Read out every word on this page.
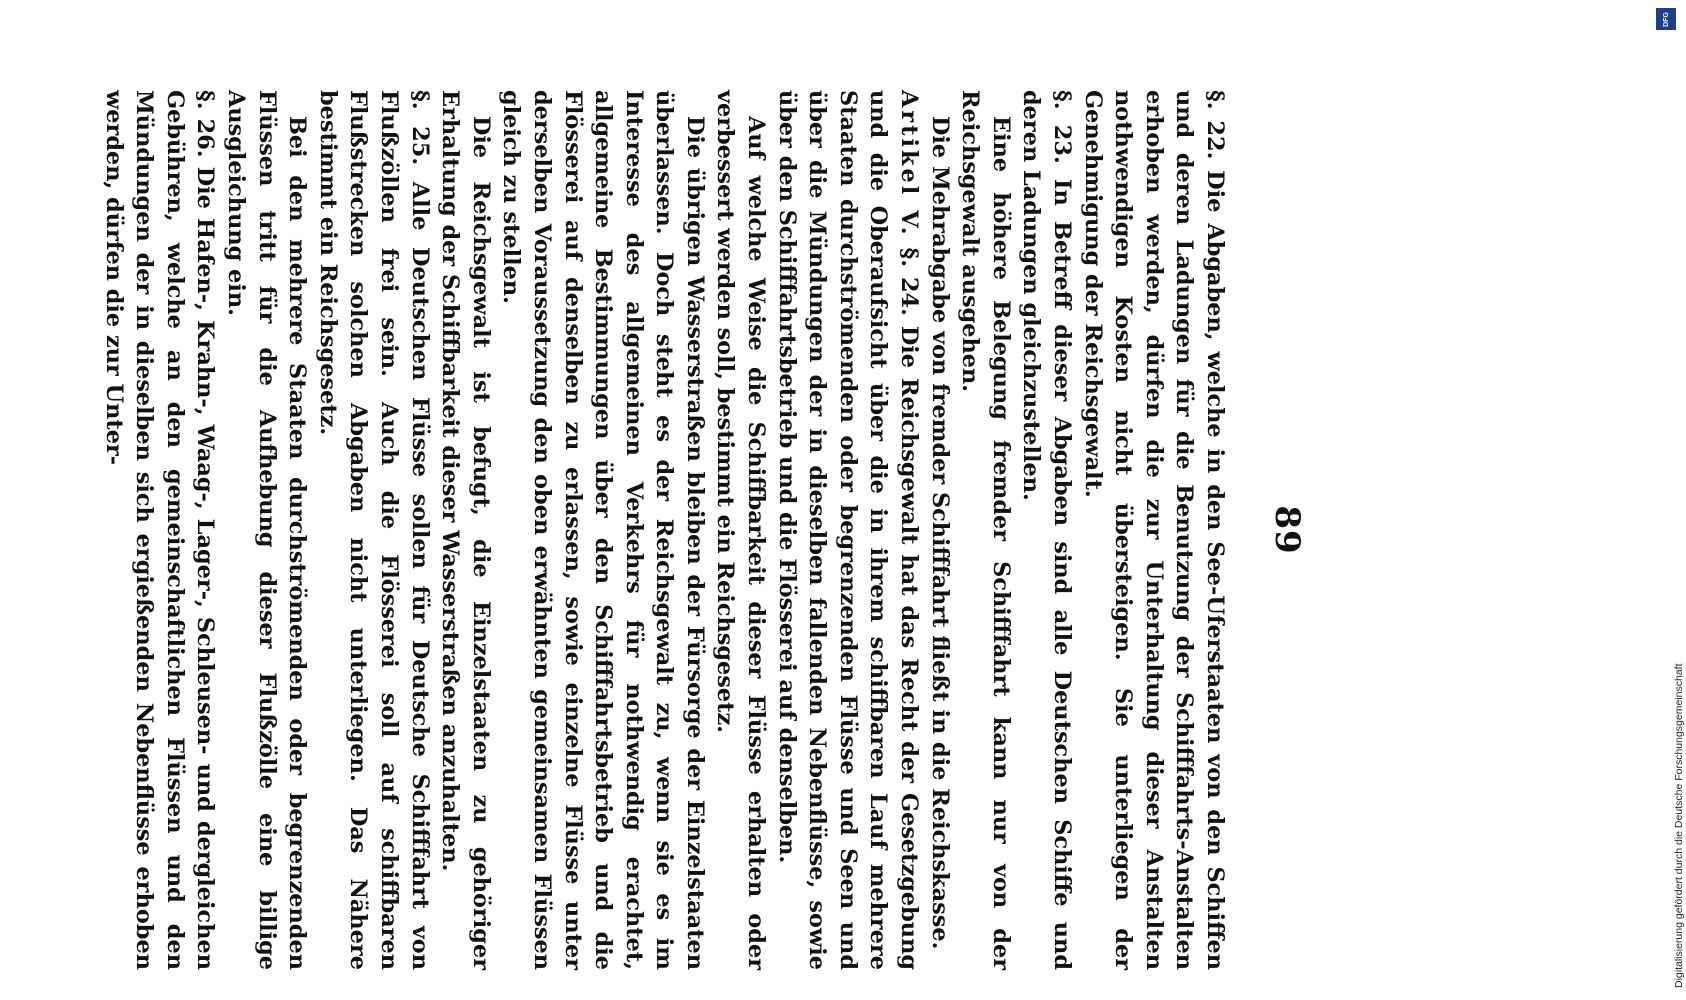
89

§. 22. Die Abgaben, welche in den See-Uferstaaten von den Schiffen und deren Ladungen für die Benutzung der Schifffahrts-Anstalten erhoben werden, dürfen die zur Unterhaltung dieser Anstalten nothwendigen Kosten nicht übersteigen. Sie unterliegen der Genehmigung der Reichsgewalt.

§. 23. In Betreff dieser Abgaben sind alle Deutschen Schiffe und deren Ladungen gleichzustellen.

Eine höhere Belegung fremder Schifffahrt kann nur von der Reichsgewalt ausgehen.

Die Mehrabgabe von fremder Schifffahrt fließt in die Reichskasse.

Artikel V. §. 24. Die Reichsgewalt hat das Recht der Gesetzgebung und die Oberaufsicht über die in ihrem schiffbaren Lauf mehrere Staaten durchströmenden oder begrenzenden Flüsse und Seen und über die Mündungen der in dieselben fallenden Nebenflüsse, sowie über den Schifffahrtsbetrieb und die Flösserei auf denselben.

Auf welche Weise die Schiffbarkeit dieser Flüsse erhalten oder verbessert werden soll, bestimmt ein Reichsgesetz.

Die übrigen Wasserstraßen bleiben der Fürsorge der Einzelstaaten überlassen. Doch steht es der Reichsgewalt zu, wenn sie es im Interesse des allgemeinen Verkehrs für nothwendig erachtet, allgemeine Bestimmungen über den Schifffahrtsbetrieb und die Flösserei auf denselben zu erlassen, sowie einzelne Flüsse unter derselben Voraussetzung den oben erwähnten gemeinsamen Flüssen gleich zu stellen.

Die Reichsgewalt ist befugt, die Einzelstaaten zu gehöriger Erhaltung der Schiffbarkeit dieser Wasserstraßen anzuhalten.

§. 25. Alle Deutschen Flüsse sollen für Deutsche Schifffahrt von Flußzöllen frei sein. Auch die Flösserei soll auf schiffbaren Flußstrecken solchen Abgaben nicht unterliegen. Das Nähere bestimmt ein Reichsgesetz.

Bei den mehrere Staaten durchströmenden oder begrenzenden Flüssen tritt für die Aufhebung dieser Flußzölle eine billige Ausgleichung ein.

§. 26. Die Hafen-, Krahn-, Waag-, Lager-, Schleusen- und dergleichen Gebühren, welche an den gemeinschaftlichen Flüssen und den Mündungen der in dieselben sich ergießenden Nebenflüsse erhoben werden, dürfen die zur Unter-

DFG
Digitalisierung gefördert durch die Deutsche Forschungsgemeinschaft
